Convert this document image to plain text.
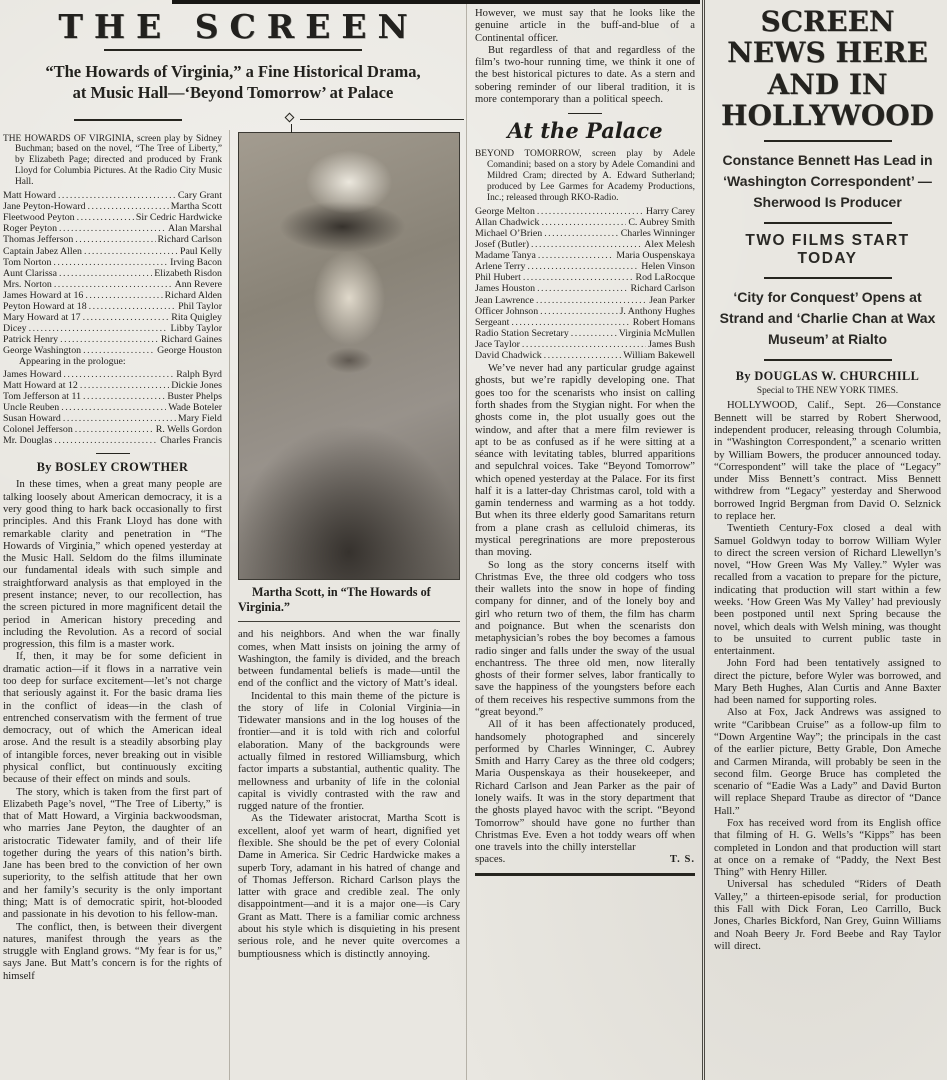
THE SCREEN
“The Howards of Virginia,” a Fine Historical Drama,
at Music Hall—‘Beyond Tomorrow’ at Palace

THE HOWARDS OF VIRGINIA, screen play by Sidney Buchman; based on the novel, “The Tree of Liberty,” by Elizabeth Page; directed and produced by Frank Lloyd for Columbia Pictures. At the Radio City Music Hall.

Matt Howard .....	Cary Grant
Jane Peyton-Howard .....	Martha Scott
Fleetwood Peyton .....	Sir Cedric Hardwicke
Roger Peyton .....	Alan Marshal
Thomas Jefferson .....	Richard Carlson
Captain Jabez Allen .....	Paul Kelly
Tom Norton .....	Irving Bacon
Aunt Clarissa .....	Elizabeth Risdon
Mrs. Norton .....	Ann Revere
James Howard at 16 .....	Richard Alden
Peyton Howard at 18 .....	Phil Taylor
Mary Howard at 17 .....	Rita Quigley
Dicey .....	Libby Taylor
Patrick Henry .....	Richard Gaines
George Washington .....	George Houston
Appearing in the prologue:
James Howard .....	Ralph Byrd
Matt Howard at 12 .....	Dickie Jones
Tom Jefferson at 11 .....	Buster Phelps
Uncle Reuben .....	Wade Boteler
Susan Howard .....	Mary Field
Colonel Jefferson .....	R. Wells Gordon
Mr. Douglas .....	Charles Francis
By BOSLEY CROWTHER

In these times, when a great many people are talking loosely about American democracy, it is a very good thing to hark back occasionally to first principles. And this Frank Lloyd has done with remarkable clarity and penetration in “The Howards of Virginia,” which opened yesterday at the Music Hall. Seldom do the films illuminate our fundamental ideals with such simple and straightforward analysis as that employed in the present instance; never, to our recollection, has the screen pictured in more magnificent detail the period in American history preceding and including the Revolution. As a record of social progression, this film is a master work.

If, then, it may be for some deficient in dramatic action—if it flows in a narrative vein too deep for surface excitement—let’s not charge that seriously against it. For the basic drama lies in the conflict of ideas—in the clash of entrenched conservatism with the ferment of true democracy, out of which the American ideal arose. And the result is a steadily absorbing play of intangible forces, never breaking out in visible physical conflict, but continuously exciting because of their effect on minds and souls.

The story, which is taken from the first part of Elizabeth Page’s novel, “The Tree of Liberty,” is that of Matt Howard, a Virginia backwoodsman, who marries Jane Peyton, the daughter of an aristocratic Tidewater family, and of their life together during the years of this nation’s birth. Jane has been bred to the conviction of her own superiority, to the selfish attitude that her own and her family’s security is the only important thing; Matt is of democratic spirit, hot-blooded and passionate in his devotion to his fellow-man.

The conflict, then, is between their divergent natures, manifest through the years as the struggle with England grows. “My fear is for us,” says Jane. But Matt’s concern is for the rights of himself

Martha Scott, in “The Howards of Virginia.”

and his neighbors. And when the war finally comes, when Matt insists on joining the army of Washington, the family is divided, and the breach between fundamental beliefs is made—until the end of the conflict and the victory of Matt’s ideal.

Incidental to this main theme of the picture is the story of life in Colonial Virginia—in Tidewater mansions and in the log houses of the frontier—and it is told with rich and colorful elaboration. Many of the backgrounds were actually filmed in restored Williamsburg, which factor imparts a substantial, authentic quality. The mellowness and urbanity of life in the colonial capital is vividly contrasted with the raw and rugged nature of the frontier.

As the Tidewater aristocrat, Martha Scott is excellent, aloof yet warm of heart, dignified yet flexible. She should be the pet of every Colonial Dame in America. Sir Cedric Hardwicke makes a superb Tory, adamant in his hatred of change and of Thomas Jefferson. Richard Carlson plays the latter with grace and credible zeal. The only disappointment—and it is a major one—is Cary Grant as Matt. There is a familiar comic archness about his style which is disquieting in his present serious role, and he never quite overcomes a bumptiousness which is distinctly annoying.

However, we must say that he looks like the genuine article in the buff-and-blue of a Continental officer.

But regardless of that and regardless of the film’s two-hour running time, we think it one of the best historical pictures to date. As a stern and sobering reminder of our liberal tradition, it is more contemporary than a political speech.

At the Palace

BEYOND TOMORROW, screen play by Adele Comandini; based on a story by Adele Comandini and Mildred Cram; directed by A. Edward Sutherland; produced by Lee Garmes for Academy Productions, Inc.; released through RKO-Radio.

George Melton .....	Harry Carey
Allan Chadwick .....	C. Aubrey Smith
Michael O’Brien .....	Charles Winninger
Josef (Butler) .....	Alex Melesh
Madame Tanya .....	Maria Ouspenskaya
Arlene Terry .....	Helen Vinson
Phil Hubert .....	Rod LaRocque
James Houston .....	Richard Carlson
Jean Lawrence .....	Jean Parker
Officer Johnson .....	J. Anthony Hughes
Sergeant .....	Robert Homans
Radio Station Secretary .....	Virginia McMullen
Jace Taylor .....	James Bush
David Chadwick .....	William Bakewell

We’ve never had any particular grudge against ghosts, but we’re rapidly developing one. That goes too for the scenarists who insist on calling forth shades from the Stygian night. For when the ghosts come in, the plot usually goes out the window, and after that a mere film reviewer is apt to be as confused as if he were sitting at a séance with levitating tables, blurred apparitions and sepulchral voices. Take “Beyond Tomorrow” which opened yesterday at the Palace. For its first half it is a latter-day Christmas carol, told with a gamin tenderness and warming as a hot toddy. But when its three elderly good Samaritans return from a plane crash as celluloid chimeras, its mystical peregrinations are more preposterous than moving.

So long as the story concerns itself with Christmas Eve, the three old codgers who toss their wallets into the snow in hope of finding company for dinner, and of the lonely boy and girl who return two of them, the film has charm and poignance. But when the scenarists don metaphysician’s robes the boy becomes a famous radio singer and falls under the sway of the usual enchantress. The three old men, now literally ghosts of their former selves, labor frantically to save the happiness of the youngsters before each of them receives his respective summons from the “great beyond.”

All of it has been affectionately produced, handsomely photographed and sincerely performed by Charles Winninger, C. Aubrey Smith and Harry Carey as the three old codgers; Maria Ouspenskaya as their housekeeper, and Richard Carlson and Jean Parker as the pair of lonely waifs. It was in the story department that the ghosts played havoc with the script. “Beyond Tomorrow” should have gone no further than Christmas Eve. Even a hot toddy wears off when one travels into the chilly interstellar

spaces.	T. S.
SCREEN NEWS HERE
AND IN HOLLYWOOD
Constance Bennett Has Lead in ‘Washington Correspondent’ —Sherwood Is Producer
TWO FILMS START TODAY
‘City for Conquest’ Opens at Strand and ‘Charlie Chan at Wax Museum’ at Rialto
By DOUGLAS W. CHURCHILL
Special to THE NEW YORK TIMES.

HOLLYWOOD, Calif., Sept. 26—Constance Bennett will be starred by Robert Sherwood, independent producer, releasing through Columbia, in “Washington Correspondent,” a scenario written by William Bowers, the producer announced today. “Correspondent” will take the place of “Legacy” under Miss Bennett’s contract. Miss Bennett withdrew from “Legacy” yesterday and Sherwood borrowed Ingrid Bergman from David O. Selznick to replace her.

Twentieth Century-Fox closed a deal with Samuel Goldwyn today to borrow William Wyler to direct the screen version of Richard Llewellyn’s novel, “How Green Was My Valley.” Wyler was recalled from a vacation to prepare for the picture, indicating that production will start within a few weeks. ‘How Green Was My Valley’ had previously been postponed until next Spring because the novel, which deals with Welsh mining, was thought to be unsuited to current public taste in entertainment.

John Ford had been tentatively assigned to direct the picture, before Wyler was borrowed, and Mary Beth Hughes, Alan Curtis and Anne Baxter had been named for supporting roles.

Also at Fox, Jack Andrews was assigned to write “Caribbean Cruise” as a follow-up film to “Down Argentine Way”; the principals in the cast of the earlier picture, Betty Grable, Don Ameche and Carmen Miranda, will probably be seen in the second film. George Bruce has completed the scenario of “Eadie Was a Lady” and David Burton will replace Shepard Traube as director of “Dance Hall.”

Fox has received word from its English office that filming of H. G. Wells’s “Kipps” has been completed in London and that production will start at once on a remake of “Paddy, the Next Best Thing” with Henry Hiller.

Universal has scheduled “Riders of Death Valley,” a thirteen-episode serial, for production this Fall with Dick Foran, Leo Carrillo, Buck Jones, Charles Bickford, Nan Grey, Guinn Williams and Noah Beery Jr. Ford Beebe and Ray Taylor will direct.
